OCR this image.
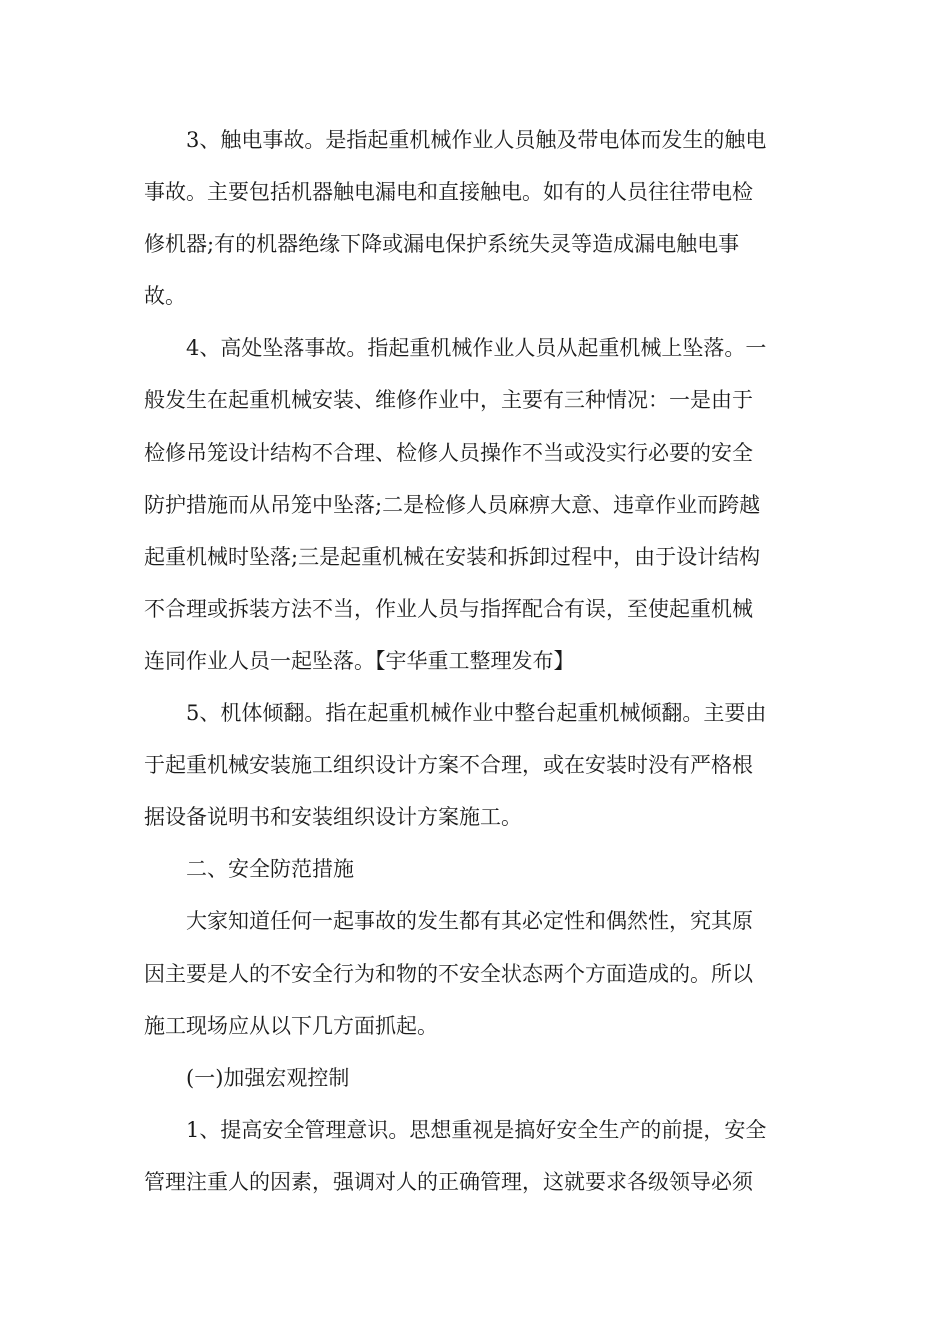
3、触电事故。是指起重机械作业人员触及带电体而发生的触电
事故。主要包括机器触电漏电和直接触电。如有的人员往往带电检
修机器;有的机器绝缘下降或漏电保护系统失灵等造成漏电触电事
故。

4、高处坠落事故。指起重机械作业人员从起重机械上坠落。一
般发生在起重机械安装、维修作业中，主要有三种情况：一是由于
检修吊笼设计结构不合理、检修人员操作不当或没实行必要的安全
防护措施而从吊笼中坠落;二是检修人员麻痹大意、违章作业而跨越
起重机械时坠落;三是起重机械在安装和拆卸过程中，由于设计结构
不合理或拆装方法不当，作业人员与指挥配合有误，至使起重机械
连同作业人员一起坠落。【宇华重工整理发布】

5、机体倾翻。指在起重机械作业中整台起重机械倾翻。主要由
于起重机械安装施工组织设计方案不合理，或在安装时没有严格根
据设备说明书和安装组织设计方案施工。

二、安全防范措施

大家知道任何一起事故的发生都有其必定性和偶然性，究其原
因主要是人的不安全行为和物的不安全状态两个方面造成的。所以
施工现场应从以下几方面抓起。

(一)加强宏观控制

1、提高安全管理意识。思想重视是搞好安全生产的前提，安全
管理注重人的因素，强调对人的正确管理，这就要求各级领导必须
